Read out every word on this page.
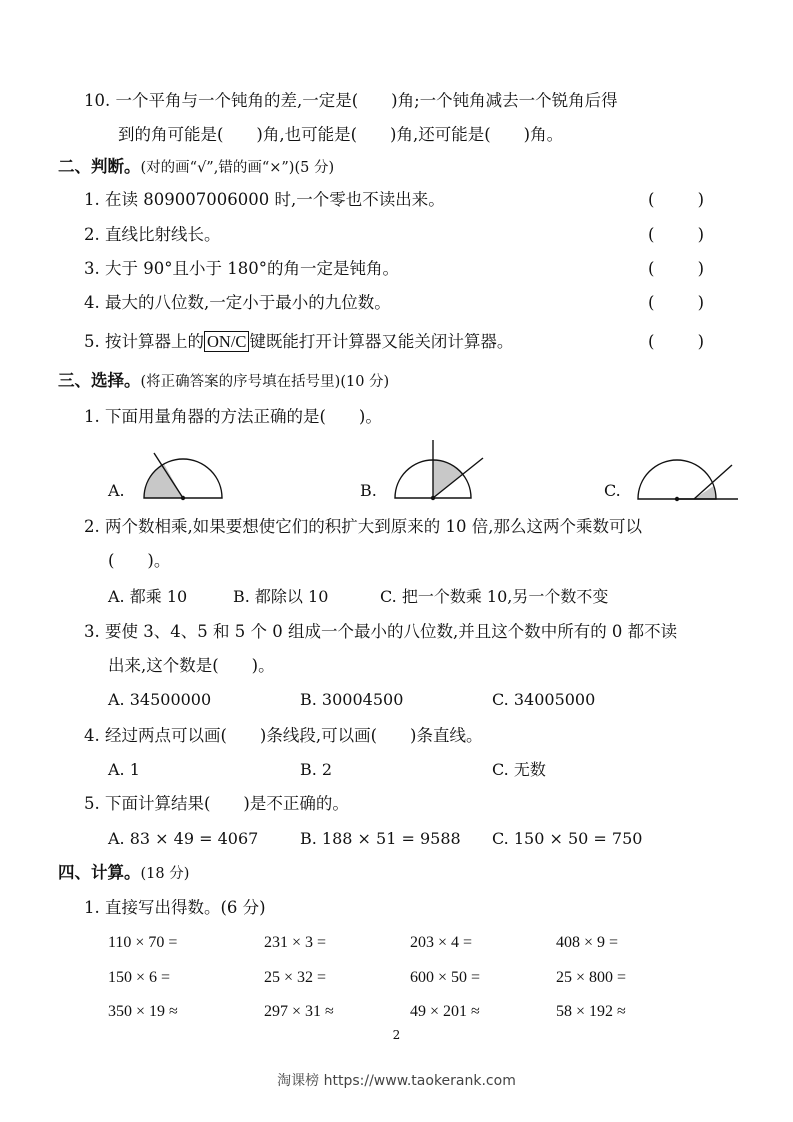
10. 一个平角与一个钝角的差,一定是(　　)角;一个钝角减去一个锐角后得
到的角可能是(　　)角,也可能是(　　)角,还可能是(　　)角。
二、判断。(对的画“√”,错的画“×”)(5 分)
1. 在读 809007006000 时,一个零也不读出来。	(	)
2. 直线比射线长。	(	)
3. 大于 90°且小于 180°的角一定是钝角。	(	)
4. 最大的八位数,一定小于最小的九位数。	(	)
5. 按计算器上的 ON/C 键既能打开计算器又能关闭计算器。	(	)
三、选择。(将正确答案的序号填在括号里)(10 分)
1. 下面用量角器的方法正确的是(　　)。
A.	B.	C.
2. 两个数相乘,如果要想使它们的积扩大到原来的 10 倍,那么这两个乘数可以
(　　)。
A. 都乘 10	B. 都除以 10	C. 把一个数乘 10,另一个数不变
3. 要使 3、4、5 和 5 个 0 组成一个最小的八位数,并且这个数中所有的 0 都不读
出来,这个数是(　　)。
A. 34500000	B. 30004500	C. 34005000
4. 经过两点可以画(　　)条线段,可以画(　　)条直线。
A. 1	B. 2	C. 无数
5. 下面计算结果(　　)是不正确的。
A. 83 × 49 = 4067	B. 188 × 51 = 9588 C. 150 × 50 = 750
四、计算。(18 分)
1. 直接写出得数。(6 分)
110 × 70 =	231 × 3 =	203 × 4 =	408 × 9 =
150 × 6 =	25 × 32 =	600 × 50 =	25 × 800 =
350 × 19 ≈	297 × 31 ≈	49 × 201 ≈	58 × 192 ≈
2
淘课榜 https://www.taokerank.com
